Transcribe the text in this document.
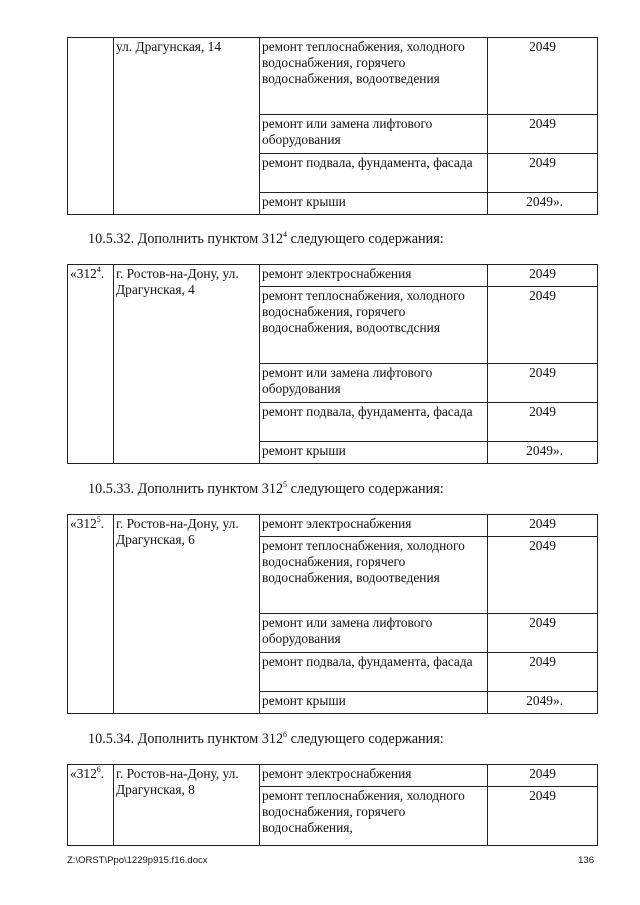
	ул. Драгунская, 14	ремонт теплоснабжения, холодного водоснабжения, горячего водоснабжения, водоотведения	2049
		ремонт или замена лифтового оборудования	2049
		ремонт подвала, фундамента, фасада	2049
		ремонт крыши	2049».
10.5.32. Дополнить пунктом $312^4$ следующего содержания:
«$312^4$.	г. Ростов-на-Дону, ул. Драгунская, 4	ремонт электроснабжения	2049
		ремонт теплоснабжения, холодного водоснабжения, горячего водоснабжения, водоотвсдсния	2049
		ремонт или замена лифтового оборудования	2049
		ремонт подвала, фундамента, фасада	2049
		ремонт крыши	2049».
10.5.33. Дополнить пунктом $312^5$ следующего содержания:
«$312^5$.	г. Ростов-на-Дону, ул. Драгунская, 6	ремонт электроснабжения	2049
		ремонт теплоснабжения, холодного водоснабжения, горячего водоснабжения, водоотведения	2049
		ремонт или замена лифтового оборудования	2049
		ремонт подвала, фундамента, фасада	2049
		ремонт крыши	2049».
10.5.34. Дополнить пунктом $312^6$ следующего содержания:
«$312^6$.	г. Ростов-на-Дону, ул. Драгунская, 8	ремонт электроснабжения	2049
		ремонт теплоснабжения, холодного водоснабжения, горячего водоснабжения,	2049
Z:\ORST\Ppo\1229p915.f16.docx	136
